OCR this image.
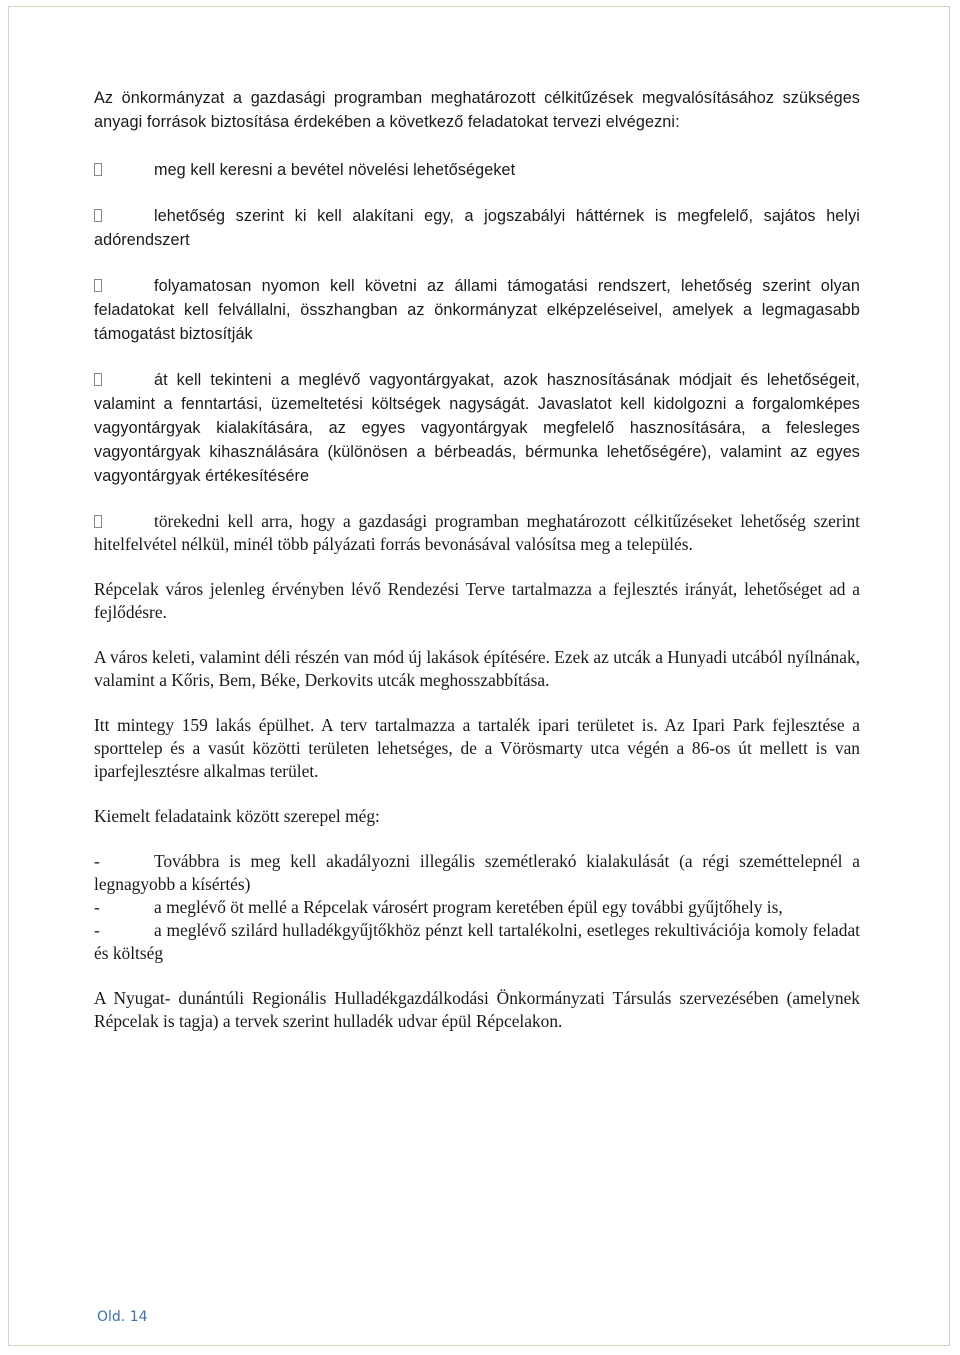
Az önkormányzat a gazdasági programban meghatározott célkitűzések megvalósításához szükséges anyagi források biztosítása érdekében a következő feladatokat tervezi elvégezni:

meg kell keresni a bevétel növelési lehetőségeket
lehetőség szerint ki kell alakítani egy, a jogszabályi háttérnek is megfelelő, sajátos helyi adórendszert
folyamatosan nyomon kell követni az állami támogatási rendszert, lehetőség szerint olyan feladatokat kell felvállalni, összhangban az önkormányzat elképzeléseivel, amelyek a legmagasabb támogatást biztosítják
át kell tekinteni a meglévő vagyontárgyakat, azok hasznosításának módjait és lehetőségeit, valamint a fenntartási, üzemeltetési költségek nagyságát. Javaslatot kell kidolgozni a forgalomképes vagyontárgyak kialakítására, az egyes vagyontárgyak megfelelő hasznosítására, a felesleges vagyontárgyak kihasználására (különösen a bérbeadás, bérmunka lehetőségére), valamint az egyes vagyontárgyak értékesítésére
törekedni kell arra, hogy a gazdasági programban meghatározott célkitűzéseket lehetőség szerint hitelfelvétel nélkül, minél több pályázati forrás bevonásával valósítsa meg a település.

Répcelak város jelenleg érvényben lévő Rendezési Terve tartalmazza a fejlesztés irányát, lehetőséget ad a fejlődésre.

A város keleti, valamint déli részén van mód új lakások építésére. Ezek az utcák a Hunyadi utcából nyílnának, valamint a Kőris, Bem, Béke, Derkovits utcák meghosszabbítása.

Itt mintegy 159 lakás épülhet. A terv tartalmazza a tartalék ipari területet is. Az Ipari Park fejlesztése a sporttelep és a vasút közötti területen lehetséges, de a Vörösmarty utca végén a 86-os út mellett is van iparfejlesztésre alkalmas terület.

Kiemelt feladataink között szerepel még:

-	Továbbra is meg kell akadályozni illegális szemétlerakó kialakulását (a régi szeméttelepnél a legnagyobb a kísértés)
-	a meglévő öt mellé a Répcelak városért program keretében épül egy további gyűjtőhely is,
-	a meglévő szilárd hulladékgyűjtőkhöz pénzt kell tartalékolni, esetleges rekultivációja komoly feladat és költség

A Nyugat- dunántúli Regionális Hulladékgazdálkodási Önkormányzati Társulás szervezésében (amelynek Répcelak is tagja) a tervek szerint hulladék udvar épül Répcelakon.

Old. 14
